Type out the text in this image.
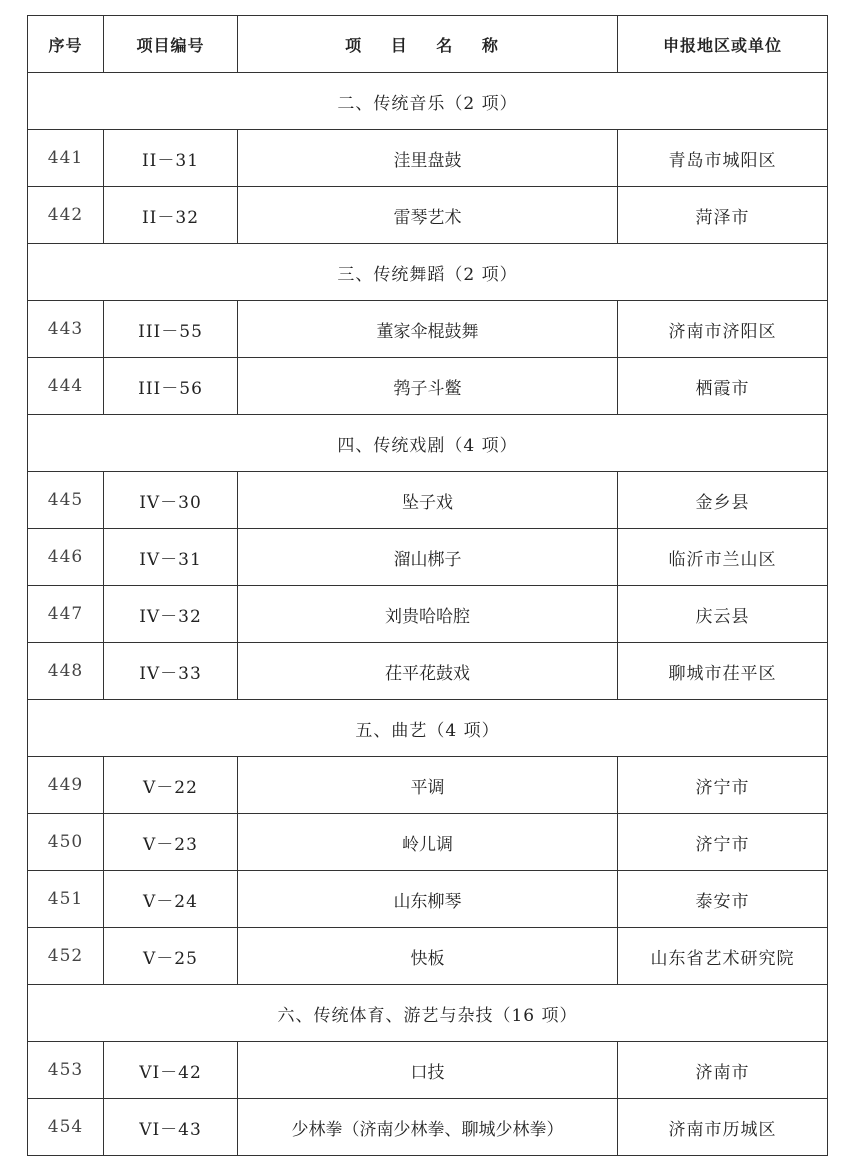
序号	项目编号	项 目 名 称	申报地区或单位
二、传统音乐（2 项）			
441	II－31	洼里盘鼓	青岛市城阳区
442	II－32	雷琴艺术	菏泽市
三、传统舞蹈（2 项）			
443	III－55	董家伞棍鼓舞	济南市济阳区
444	III－56	鹁子斗鳖	栖霞市
四、传统戏剧（4 项）			
445	IV－30	坠子戏	金乡县
446	IV－31	溜山梆子	临沂市兰山区
447	IV－32	刘贵哈哈腔	庆云县
448	IV－33	茌平花鼓戏	聊城市茌平区
五、曲艺（4 项）			
449	V－22	平调	济宁市
450	V－23	岭儿调	济宁市
451	V－24	山东柳琴	泰安市
452	V－25	快板	山东省艺术研究院
六、传统体育、游艺与杂技（16 项）			
453	VI－42	口技	济南市
454	VI－43	少林拳（济南少林拳、聊城少林拳）	济南市历城区
